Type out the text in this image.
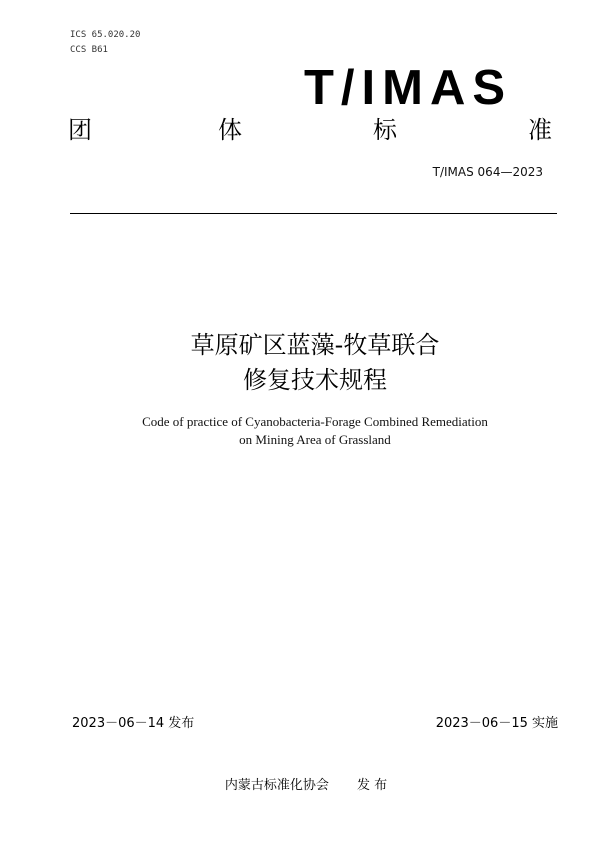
ICS 65.020.20
CCS B61
T/IMAS
团	体	标	准
T/IMAS 064—2023
草原矿区蓝藻-牧草联合
修复技术规程
Code of practice of Cyanobacteria-Forage Combined Remediation
on Mining Area of Grassland
2023－06－14 发布	2023－06－15 实施
内蒙古标准化协会 发 布
